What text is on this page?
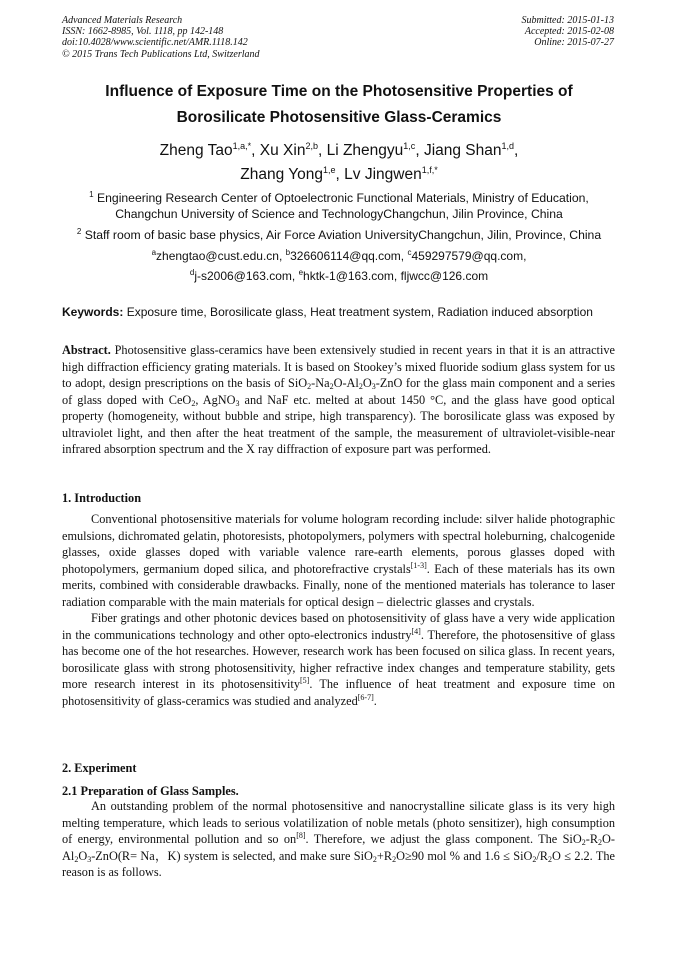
Advanced Materials Research
ISSN: 1662-8985, Vol. 1118, pp 142-148
doi:10.4028/www.scientific.net/AMR.1118.142
© 2015 Trans Tech Publications Ltd, Switzerland
Submitted: 2015-01-13
Accepted: 2015-02-08
Online: 2015-07-27
Influence of Exposure Time on the Photosensitive Properties of
Borosilicate Photosensitive Glass-Ceramics
Zheng Tao$^{1,a,*}$, Xu Xin$^{2,b}$, Li Zhengyu$^{1,c}$, Jiang Shan$^{1,d}$,
Zhang Yong$^{1,e}$, Lv Jingwen$^{1,f,*}$
$^1$ Engineering Research Center of Optoelectronic Functional Materials, Ministry of Education,
Changchun University of Science and TechnologyChangchun, Jilin Province, China
$^2$ Staff room of basic base physics, Air Force Aviation UniversityChangchun, Jilin, Province, China
$^a$zhengtao@cust.edu.cn, $^b$326606114@qq.com, $^c$459297579@qq.com,
$^d$j-s2006@163.com, $^e$hktk-1@163.com, fljwcc@126.com
Keywords: Exposure time, Borosilicate glass, Heat treatment system, Radiation induced absorption

Abstract. Photosensitive glass-ceramics have been extensively studied in recent years in that it is an attractive high diffraction efficiency grating materials. It is based on Stookey’s mixed fluoride sodium glass system for us to adopt, design prescriptions on the basis of $SiO_2-Na_2O-Al_2O_3$-ZnO for the glass main component and a series of glass doped with CeO$_2$, AgNO$_3$ and NaF etc. melted at about 1450 °C, and the glass have good optical property (homogeneity, without bubble and stripe, high transparency). The borosilicate glass was exposed by ultraviolet light, and then after the heat treatment of the sample, the measurement of ultraviolet-visible-near infrared absorption spectrum and the X ray diffraction of exposure part was performed.

1. Introduction

Conventional photosensitive materials for volume hologram recording include: silver halide photographic emulsions, dichromated gelatin, photoresists, photopolymers, polymers with spectral holeburning, chalcogenide glasses, oxide glasses doped with variable valence rare-earth elements, porous glasses doped with photopolymers, germanium doped silica, and photorefractive crystals[1-3]. Each of these materials has its own merits, combined with considerable drawbacks. Finally, none of the mentioned materials has tolerance to laser radiation comparable with the main materials for optical design – dielectric glasses and crystals.

Fiber gratings and other photonic devices based on photosensitivity of glass have a very wide application in the communications technology and other opto-electronics industry[4]. Therefore, the photosensitive of glass has become one of the hot researches. However, research work has been focused on silica glass. In recent years, borosilicate glass with strong photosensitivity, higher refractive index changes and temperature stability, gets more research interest in its photosensitivity[5]. The influence of heat treatment and exposure time on photosensitivity of glass-ceramics was studied and analyzed[6-7].

2. Experiment
2.1 Preparation of Glass Samples.

An outstanding problem of the normal photosensitive and nanocrystalline silicate glass is its very high melting temperature, which leads to serious volatilization of noble metals (photo sensitizer), high consumption of energy, environmental pollution and so on[8]. Therefore, we adjust the glass component. The $SiO_2-R_2O-Al_2O_3-ZnO(R= Na$，K) system is selected, and make sure $SiO_2+R_2O\ge 90$ mol % and $1.6 \le SiO_2/R_2O \le 2.2$. The reason is as follows.
